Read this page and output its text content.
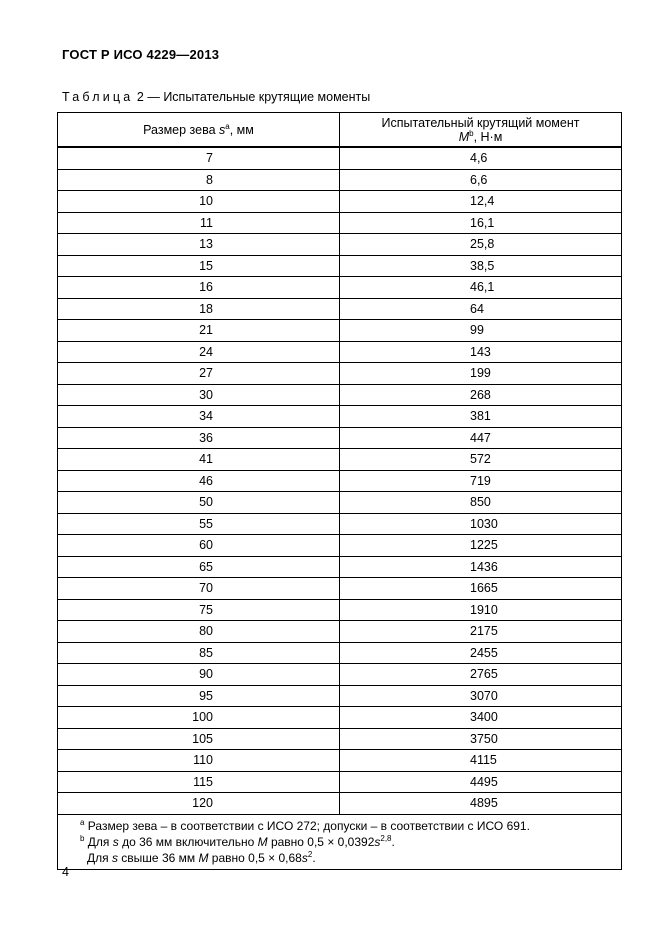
ГОСТ Р ИСО 4229—2013
Таблица 2 — Испытательные крутящие моменты
Размер зева $s^a$, мм	Испытательный крутящий момент
$M^b$, Н·м
7	4,6
8	6,6
10	12,4
11	16,1
13	25,8
15	38,5
16	46,1
18	64
21	99
24	143
27	199
30	268
34	381
36	447
41	572
46	719
50	850
55	1030
60	1225
65	1436
70	1665
75	1910
80	2175
85	2455
90	2765
95	3070
100	3400
105	3750
110	4115
115	4495
120	4895

$^a$ Размер зева – в соответствии с ИСО 272; допуски – в соответствии с ИСО 691.
$^b$ Для s до 36 мм включительно M равно $0,5 \times 0,0392s^{2,8}$.
Для s свыше 36 мм M равно $0,5 \times 0,68s^2$.	
4
